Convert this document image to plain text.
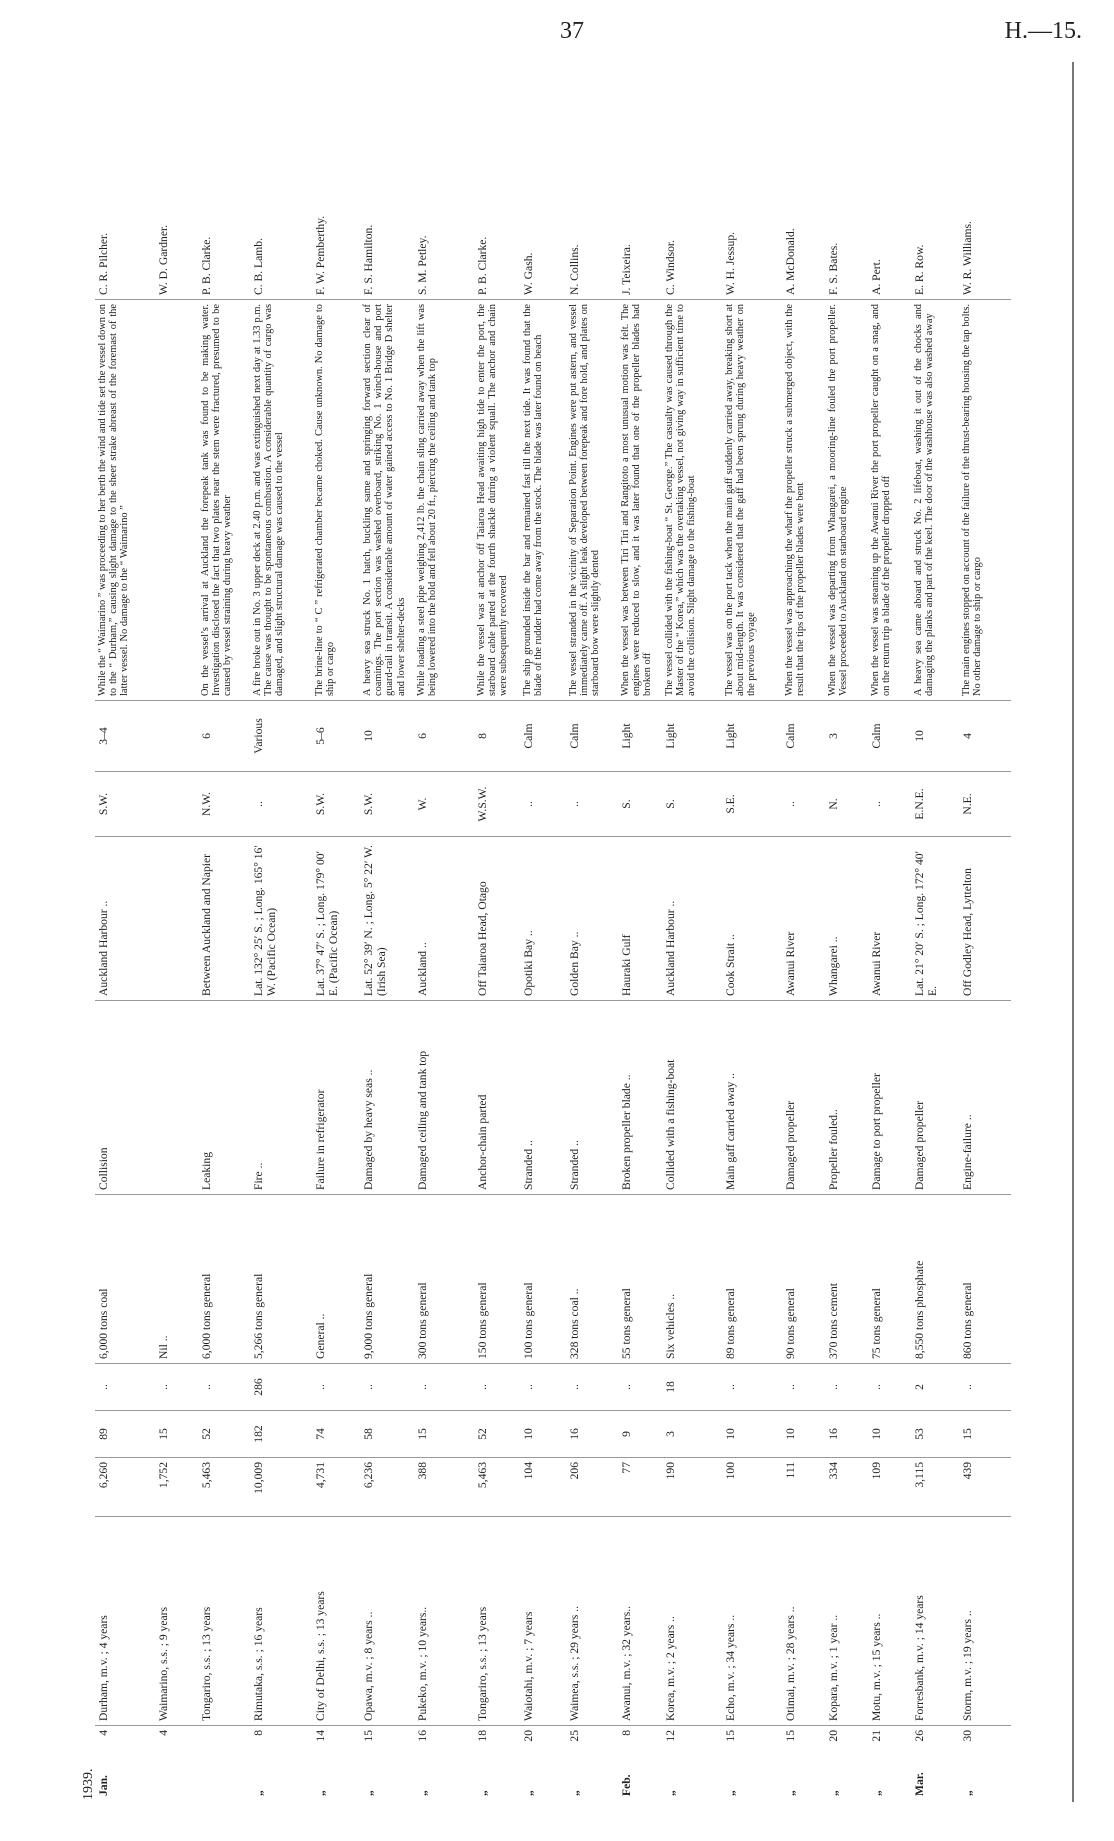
37	H.—15.
1939. Jan.	4	Durham, m.v. ; 4 years	6,260	89	..	6,000 tons coal	Collision	Auckland Harbour ..	S.W.	3–4	While the “ Waimarino ” was proceeding to her berth the wind and tide set the vessel down on to the “ Durham,” causing slight damage to the sheer strake abreast of the foremast of the latter vessel. No damage to the “ Waimarino ”	C. R. Pilcher.
	4	Waimarino, s.s. ; 9 years	1,752	15	..	Nil ..						W. D. Gardner.
		Tongariro, s.s. ; 13 years	5,463	52	..	6,000 tons general	Leaking	Between Auckland and Napier	N.W.	6	On the vessel’s arrival at Auckland the forepeak tank was found to be making water. Investigation disclosed the fact that two plates near the stem were fractured, presumed to be caused by vessel straining during heavy weather	P. B. Clarke.
„	8	Rimutaka, s.s. ; 16 years	10,009	182	286	5,266 tons general	Fire ..	Lat. 132° 25′ S. ; Long. 165° 16′ W. (Pacific Ocean)	..	Various	A fire broke out in No. 3 upper deck at 2.40 p.m. and was extinguished next day at 1.33 p.m. The cause was thought to be spontaneous combustion. A considerable quantity of cargo was damaged, and slight structural damage was caused to the vessel	C. B. Lamb.
„	14	City of Delhi, s.s. ; 13 years	4,731	74	..	General ..	Failure in refrigerator	Lat. 37° 47′ S. ; Long. 179° 00′ E. (Pacific Ocean)	S.W.	5–6	The brine-line to “ C ” refrigerated chamber became choked. Cause unknown. No damage to ship or cargo	F. W. Pemberthy.
„	15	Opawa, m.v. ; 8 years ..	6,236	58	..	9,000 tons general	Damaged by heavy seas ..	Lat. 52° 39′ N. ; Long. 5° 22′ W. (Irish Sea)	S.W.	10	A heavy sea struck No. 1 hatch, buckling same and springing forward section clear of coamings. The port section was washed overboard, striking No. 1 winch-house and port guard-rail in transit. A considerable amount of water gained access to No. 1 Bridge D shelter and lower shelter-decks	F. S. Hamilton.
„	16	Pukeko, m.v. ; 10 years..	388	15	..	300 tons general	Damaged ceiling and tank top	Auckland ..	W.	6	While loading a steel pipe weighing 2,412 lb. the chain sling carried away when the lift was being lowered into the hold and fell about 20 ft., piercing the ceiling and tank top	S. M. Petley.
„	18	Tongariro, s.s. ; 13 years	5,463	52	..	150 tons general	Anchor-chain parted	Off Taiaroa Head, Otago	W.S.W.	8	While the vessel was at anchor off Taiaroa Head awaiting high tide to enter the port, the starboard cable parted at the fourth shackle during a violent squall. The anchor and chain were subsequently recovered	P. B. Clarke.
„	20	Waiotahi, m.v. ; 7 years	104	10	..	100 tons general	Stranded ..	Opotiki Bay ..	..	Calm	The ship grounded inside the bar and remained fast till the next tide. It was found that the blade of the rudder had come away from the stock. The blade was later found on beach	W. Gash.
„	25	Waimea, s.s. ; 29 years ..	206	16	..	328 tons coal ..	Stranded ..	Golden Bay ..	..	Calm	The vessel stranded in the vicinity of Separation Point. Engines were put astern, and vessel immediately came off. A slight leak developed between forepeak and fore hold, and plates on starboard bow were slightly dented	N. Collins.
Feb.	8	Awanui, m.v. ; 32 years..	77	9	..	55 tons general	Broken propeller blade ..	Hauraki Gulf	S.	Light	When the vessel was between Tiri Tiri and Rangitoto a most unusual motion was felt. The engines were reduced to slow, and it was later found that one of the propeller blades had broken off	J. Teixeira.
„	12	Korea, m.v. ; 2 years ..	190	3	18	Six vehicles ..	Collided with a fishing-boat	Auckland Harbour ..	S.	Light	The vessel collided with the fishing-boat “ St. George.” The casualty was caused through the Master of the “ Korea,” which was the overtaking vessel, not giving way in sufficient time to avoid the collision. Slight damage to the fishing-boat	C. Windsor.
„	15	Echo, m.v. ; 34 years ..	100	10	..	89 tons general	Main gaff carried away ..	Cook Strait ..	S.E.	Light	The vessel was on the port tack when the main gaff suddenly carried away, breaking short at about mid-length. It was considered that the gaff had been sprung during heavy weather on the previous voyage	W. H. Jessup.
„	15	Otimai, m.v. ; 28 years ..	111	10	..	90 tons general	Damaged propeller	Awanui River	..	Calm	When the vessel was approaching the wharf the propeller struck a submerged object, with the result that the tips of the propeller blades were bent	A. McDonald.
„	20	Kopara, m.v. ; 1 year ..	334	16	..	370 tons cement	Propeller fouled..	Whangarei ..	N.	3	When the vessel was departing from Whangarei, a mooring-line fouled the port propeller. Vessel proceeded to Auckland on starboard engine	F. S. Bates.
„	21	Motu, m.v. ; 15 years ..	109	10	..	75 tons general	Damage to port propeller	Awanui River	..	Calm	When the vessel was steaming up the Awanui River the port propeller caught on a snag, and on the return trip a blade of the propeller dropped off	A. Pert.
Mar.	26	Forresbank, m.v. ; 14 years	3,115	53	2	8,550 tons phosphate	Damaged propeller	Lat. 21° 20′ S. ; Long. 172° 40′ E.	E.N.E.	10	A heavy sea came aboard and struck No. 2 lifeboat, washing it out of the chocks and damaging the planks and part of the keel. The door of the washhouse was also washed away	E. R. Row.
„	30	Storm, m.v. ; 19 years ..	439	15	..	860 tons general	Engine-failure ..	Off Godley Head, Lyttelton	N.E.	4	The main engines stopped on account of the failure of the thrust-bearing housing the tap bolts. No other damage to ship or cargo	W. R. Williams.
